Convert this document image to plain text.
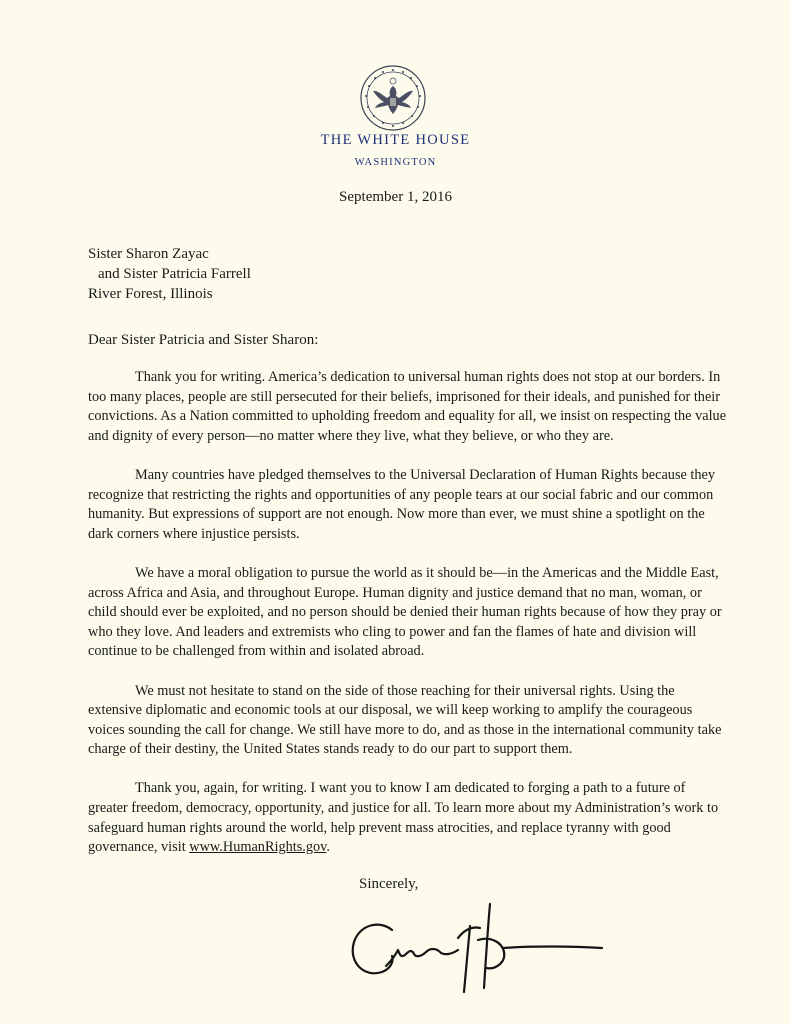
THE WHITE HOUSE
WASHINGTON
September 1, 2016
Sister Sharon Zayac
and Sister Patricia Farrell
River Forest, Illinois
Dear Sister Patricia and Sister Sharon:

Thank you for writing. America’s dedication to universal human rights does not stop at our borders. In too many places, people are still persecuted for their beliefs, imprisoned for their ideals, and punished for their convictions. As a Nation committed to upholding freedom and equality for all, we insist on respecting the value and dignity of every person—no matter where they live, what they believe, or who they are.

Many countries have pledged themselves to the Universal Declaration of Human Rights because they recognize that restricting the rights and opportunities of any people tears at our social fabric and our common humanity. But expressions of support are not enough. Now more than ever, we must shine a spotlight on the dark corners where injustice persists.

We have a moral obligation to pursue the world as it should be—in the Americas and the Middle East, across Africa and Asia, and throughout Europe. Human dignity and justice demand that no man, woman, or child should ever be exploited, and no person should be denied their human rights because of how they pray or who they love. And leaders and extremists who cling to power and fan the flames of hate and division will continue to be challenged from within and isolated abroad.

We must not hesitate to stand on the side of those reaching for their universal rights. Using the extensive diplomatic and economic tools at our disposal, we will keep working to amplify the courageous voices sounding the call for change. We still have more to do, and as those in the international community take charge of their destiny, the United States stands ready to do our part to support them.

Thank you, again, for writing. I want you to know I am dedicated to forging a path to a future of greater freedom, democracy, opportunity, and justice for all. To learn more about my Administration’s work to safeguard human rights around the world, help prevent mass atrocities, and replace tyranny with good governance, visit www.HumanRights.gov.

Sincerely,
